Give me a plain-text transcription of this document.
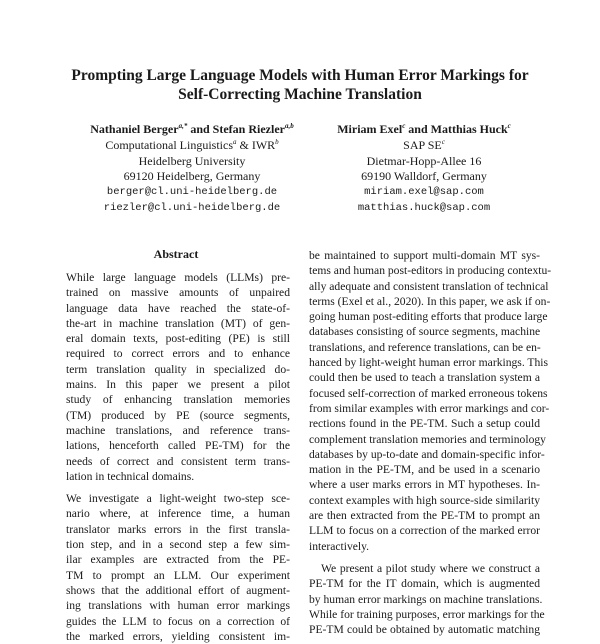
Prompting Large Language Models with Human Error Markings for
Self-Correcting Machine Translation
Nathaniel Berger$^{a,*}$ and Stefan Riezler$^{a,b}$
Computational Linguistics$^a$ & IWR$^b$
Heidelberg University
69120 Heidelberg, Germany
berger@cl.uni-heidelberg.de
riezler@cl.uni-heidelberg.de
Miriam Exel$^c$ and Matthias Huck$^c$
SAP $SE^c$
Dietmar-Hopp-Allee 16
69190 Walldorf, Germany
miriam.exel@sap.com
matthias.huck@sap.com
Abstract
While large language models (LLMs) pre-
trained on massive amounts of unpaired
language data have reached the state-of-
the-art in machine translation (MT) of gen-
eral domain texts, post-editing (PE) is still
required to correct errors and to enhance
term translation quality in specialized do-
mains. In this paper we present a pilot
study of enhancing translation memories
(TM) produced by PE (source segments,
machine translations, and reference trans-
lations, henceforth called PE-TM) for the
needs of correct and consistent term trans-
lation in technical domains.
We investigate a light-weight two-step sce-
nario where, at inference time, a human
translator marks errors in the first transla-
tion step, and in a second step a few sim-
ilar examples are extracted from the PE-
TM to prompt an LLM. Our experiment
shows that the additional effort of augment-
ing translations with human error markings
guides the LLM to focus on a correction of
the marked errors, yielding consistent im-
be maintained to support multi-domain MT sys-
tems and human post-editors in producing contextu-
ally adequate and consistent translation of technical
terms (Exel et al., 2020). In this paper, we ask if on-
going human post-editing efforts that produce large
databases consisting of source segments, machine
translations, and reference translations, can be en-
hanced by light-weight human error markings. This
could then be used to teach a translation system a
focused self-correction of marked erroneous tokens
from similar examples with error markings and cor-
rections found in the PE-TM. Such a setup could
complement translation memories and terminology
databases by up-to-date and domain-specific infor-
mation in the PE-TM, and be used in a scenario
where a user marks errors in MT hypotheses. In-
context examples with high source-side similarity
are then extracted from the PE-TM to prompt an
LLM to focus on a correction of the marked error
interactively.
We present a pilot study where we construct a
PE-TM for the IT domain, which is augmented
by human error markings on machine translations.
While for training purposes, error markings for the
PE-TM could be obtained by automatic matching
